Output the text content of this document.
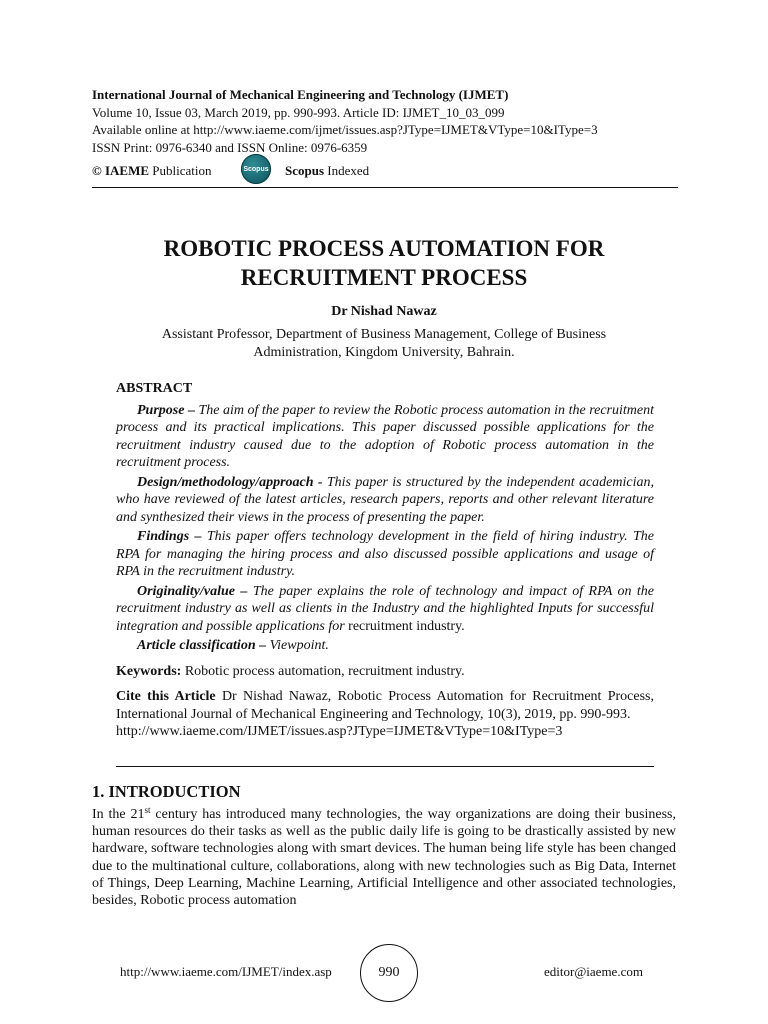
International Journal of Mechanical Engineering and Technology (IJMET)
Volume 10, Issue 03, March 2019, pp. 990-993. Article ID: IJMET_10_03_099
Available online at http://www.iaeme.com/ijmet/issues.asp?JType=IJMET&VType=10&IType=3
ISSN Print: 0976-6340 and ISSN Online: 0976-6359
© IAEME Publication	Scopus Scopus Indexed
ROBOTIC PROCESS AUTOMATION FOR
RECRUITMENT PROCESS
Dr Nishad Nawaz
Assistant Professor, Department of Business Management, College of Business
Administration, Kingdom University, Bahrain.
ABSTRACT

Purpose – The aim of the paper to review the Robotic process automation in the recruitment process and its practical implications. This paper discussed possible applications for the recruitment industry caused due to the adoption of Robotic process automation in the recruitment process.

Design/methodology/approach - This paper is structured by the independent academician, who have reviewed of the latest articles, research papers, reports and other relevant literature and synthesized their views in the process of presenting the paper.

Findings – This paper offers technology development in the field of hiring industry. The RPA for managing the hiring process and also discussed possible applications and usage of RPA in the recruitment industry.

Originality/value – The paper explains the role of technology and impact of RPA on the recruitment industry as well as clients in the Industry and the highlighted Inputs for successful integration and possible applications for recruitment industry.

Article classification – Viewpoint.

Keywords: Robotic process automation, recruitment industry.
Cite this Article Dr Nishad Nawaz, Robotic Process Automation for Recruitment Process, International Journal of Mechanical Engineering and Technology, 10(3), 2019, pp. 990-993.
http://www.iaeme.com/IJMET/issues.asp?JType=IJMET&VType=10&IType=3
1. INTRODUCTION
In the 21st century has introduced many technologies, the way organizations are doing their business, human resources do their tasks as well as the public daily life is going to be drastically assisted by new hardware, software technologies along with smart devices. The human being life style has been changed due to the multinational culture, collaborations, along with new technologies such as Big Data, Internet of Things, Deep Learning, Machine Learning, Artificial Intelligence and other associated technologies, besides, Robotic process automation
http://www.iaeme.com/IJMET/index.asp	990	editor@iaeme.com
